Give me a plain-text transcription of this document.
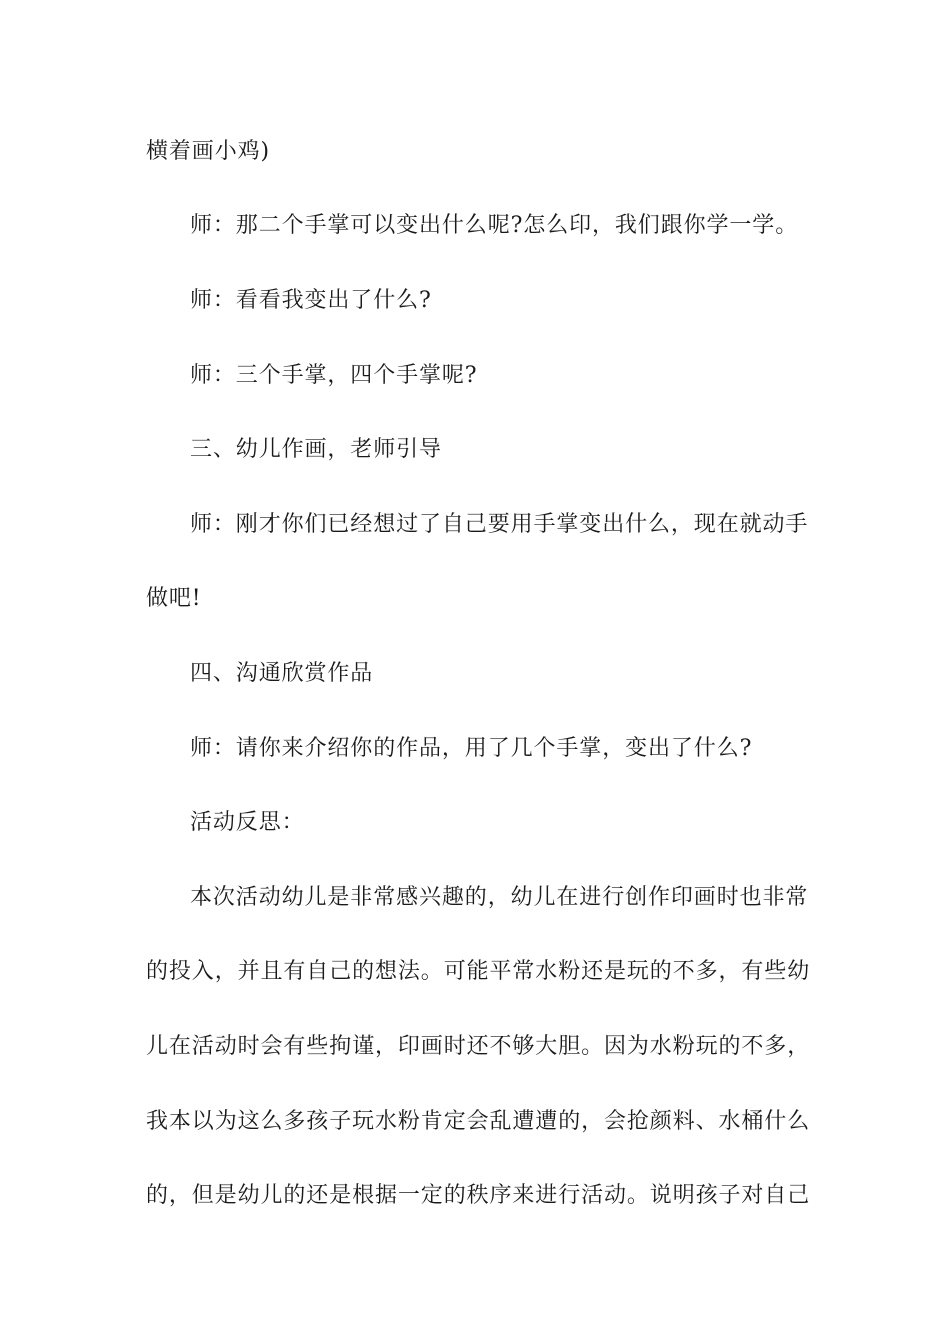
横着画小鸡)
师：那二个手掌可以变出什么呢?怎么印，我们跟你学一学。
师：看看我变出了什么?
师：三个手掌，四个手掌呢?
三、幼儿作画，老师引导
师：刚才你们已经想过了自己要用手掌变出什么，现在就动手
做吧!
四、沟通欣赏作品
师：请你来介绍你的作品，用了几个手掌，变出了什么?
活动反思：
本次活动幼儿是非常感兴趣的，幼儿在进行创作印画时也非常
的投入，并且有自己的想法。可能平常水粉还是玩的不多，有些幼
儿在活动时会有些拘谨，印画时还不够大胆。因为水粉玩的不多，
我本以为这么多孩子玩水粉肯定会乱遭遭的，会抢颜料、水桶什么
的，但是幼儿的还是根据一定的秩序来进行活动。说明孩子对自己
